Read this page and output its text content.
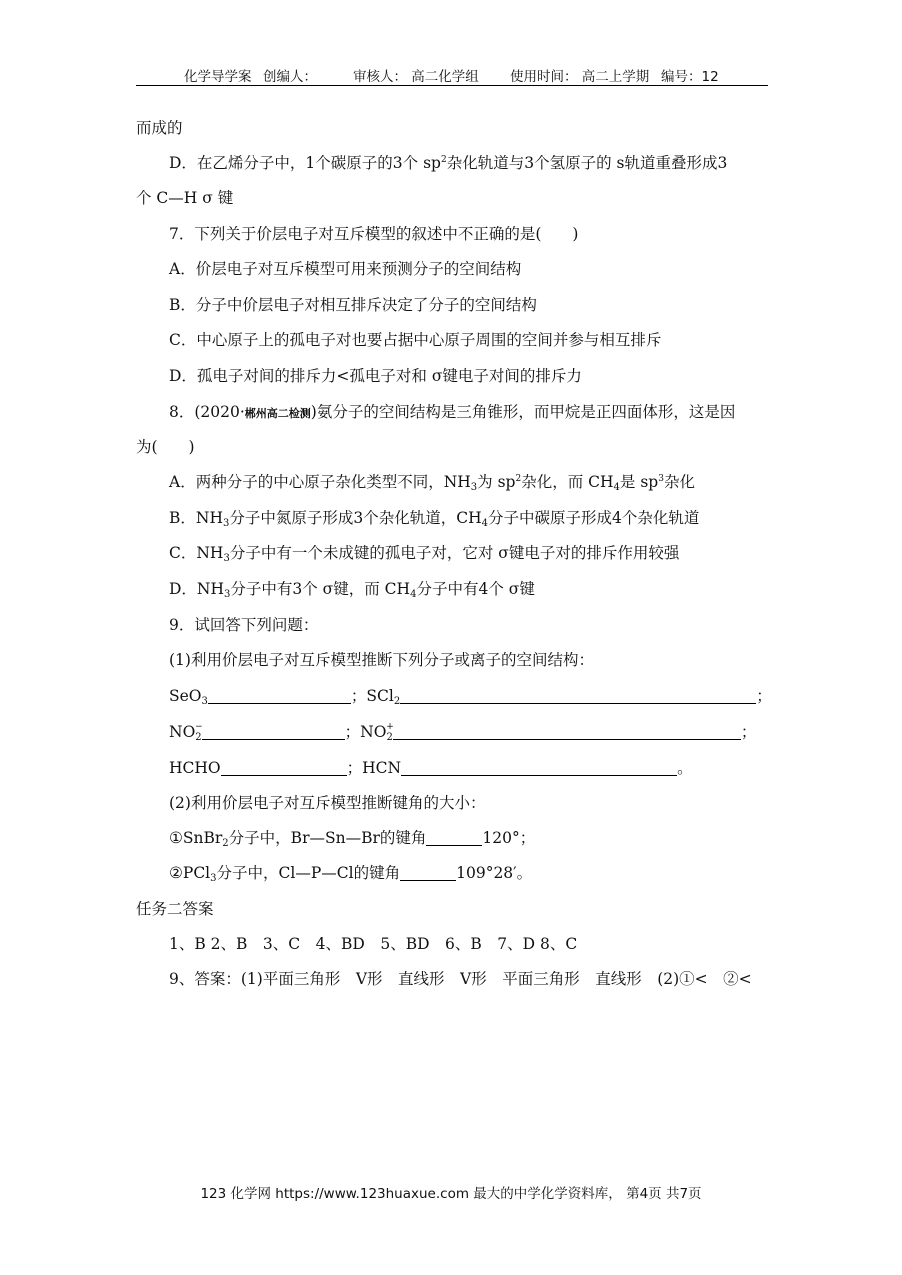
化学导学案 创编人：	审核人： 高二化学组 使用时间： 高二上学期 编号：12
而成的
D．在乙烯分子中，1个碳原子的3个 $sp^2$杂化轨道与3个氢原子的 s轨道重叠形成3
个 C—H σ 键
7．下列关于价层电子对互斥模型的叙述中不正确的是(　　)
A．价层电子对互斥模型可用来预测分子的空间结构
B．分子中价层电子对相互排斥决定了分子的空间结构
C．中心原子上的孤电子对也要占据中心原子周围的空间并参与相互排斥
D．孤电子对间的排斥力<孤电子对和 σ键电子对间的排斥力
8．(2020·郴州高二检测)氨分子的空间结构是三角锥形，而甲烷是正四面体形，这是因
为(　　)
A．两种分子的中心原子杂化类型不同，$NH_3$为 $sp^2$杂化，而 $CH_4$是 $sp^3$杂化
B．$NH_3$分子中氮原子形成3个杂化轨道，$CH_4$分子中碳原子形成4个杂化轨道
C．$NH_3$分子中有一个未成键的孤电子对，它对 σ键电子对的排斥作用较强
D．$NH_3$分子中有3个 σ键，而 $CH_4$分子中有4个 σ键
9．试回答下列问题：
(1)利用价层电子对互斥模型推断下列分子或离子的空间结构：
SeO$_3$	；SCl$_2$	；
$NO_2$
−	；$NO_2$
+	；
HCHO	；HCN	。
(2)利用价层电子对互斥模型推断键角的大小：
①SnBr$_2$分子中，Br—Sn—Br的键角	120°；
②PCl$_3$分子中，Cl—P—Cl的键角	109°28′。
任务二答案
1、B 2、B　3、C　4、BD　5、BD　6、B　7、D 8、C
9、答案：(1)平面三角形　V形　直线形　V形　平面三角形　直线形　(2)①<　②<
123 化学网 https://www.123huaxue.com 最大的中学化学资料库， 第4页 共7页
